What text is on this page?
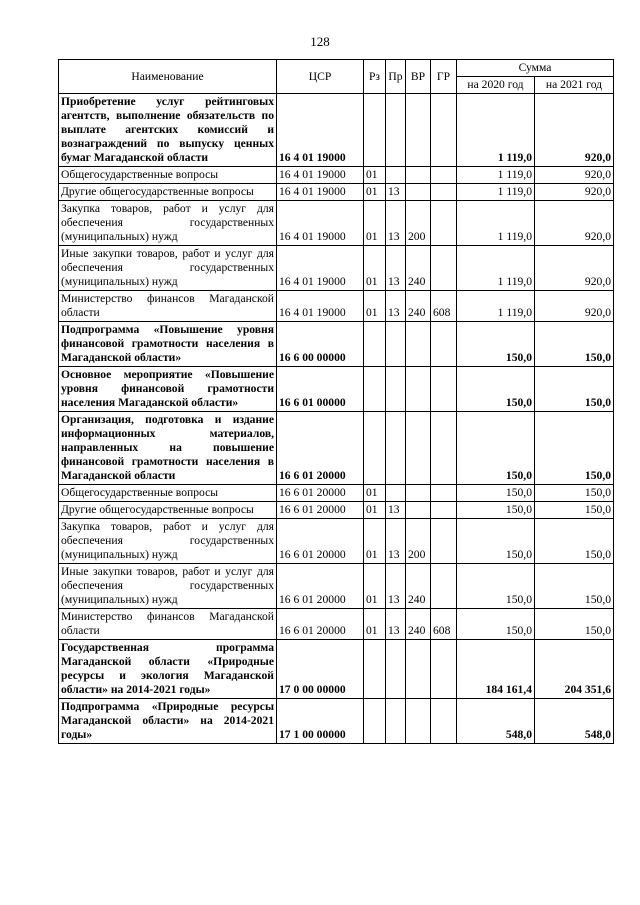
128
Наименование	ЦСР	Рз	Пр	ВР	ГР	Сумма	
						на 2020 год	на 2021 год
Приобретение услуг рейтинговых агентств, выполнение обязательств по выплате агентских комиссий и вознаграждений по выпуску ценных бумаг Магаданской области	16 4 01 19000					1 119,0	920,0
Общегосударственные вопросы	16 4 01 19000	01				1 119,0	920,0
Другие общегосударственные вопросы	16 4 01 19000	01	13			1 119,0	920,0
Закупка товаров, работ и услуг для обеспечения государственных (муниципальных) нужд	16 4 01 19000	01	13	200		1 119,0	920,0
Иные закупки товаров, работ и услуг для обеспечения государственных (муниципальных) нужд	16 4 01 19000	01	13	240		1 119,0	920,0
Министерство финансов Магаданской области	16 4 01 19000	01	13	240	608	1 119,0	920,0
Подпрограмма «Повышение уровня финансовой грамотности населения в Магаданской области»	16 6 00 00000					150,0	150,0
Основное мероприятие «Повышение уровня финансовой грамотности населения Магаданской области»	16 6 01 00000					150,0	150,0
Организация, подготовка и издание информационных материалов, направленных на повышение финансовой грамотности населения в Магаданской области	16 6 01 20000					150,0	150,0
Общегосударственные вопросы	16 6 01 20000	01				150,0	150,0
Другие общегосударственные вопросы	16 6 01 20000	01	13			150,0	150,0
Закупка товаров, работ и услуг для обеспечения государственных (муниципальных) нужд	16 6 01 20000	01	13	200		150,0	150,0
Иные закупки товаров, работ и услуг для обеспечения государственных (муниципальных) нужд	16 6 01 20000	01	13	240		150,0	150,0
Министерство финансов Магаданской области	16 6 01 20000	01	13	240	608	150,0	150,0
Государственная программа Магаданской области «Природные ресурсы и экология Магаданской области» на 2014-2021 годы»	17 0 00 00000					184 161,4	204 351,6
Подпрограмма «Природные ресурсы Магаданской области» на 2014-2021 годы»	17 1 00 00000					548,0	548,0
